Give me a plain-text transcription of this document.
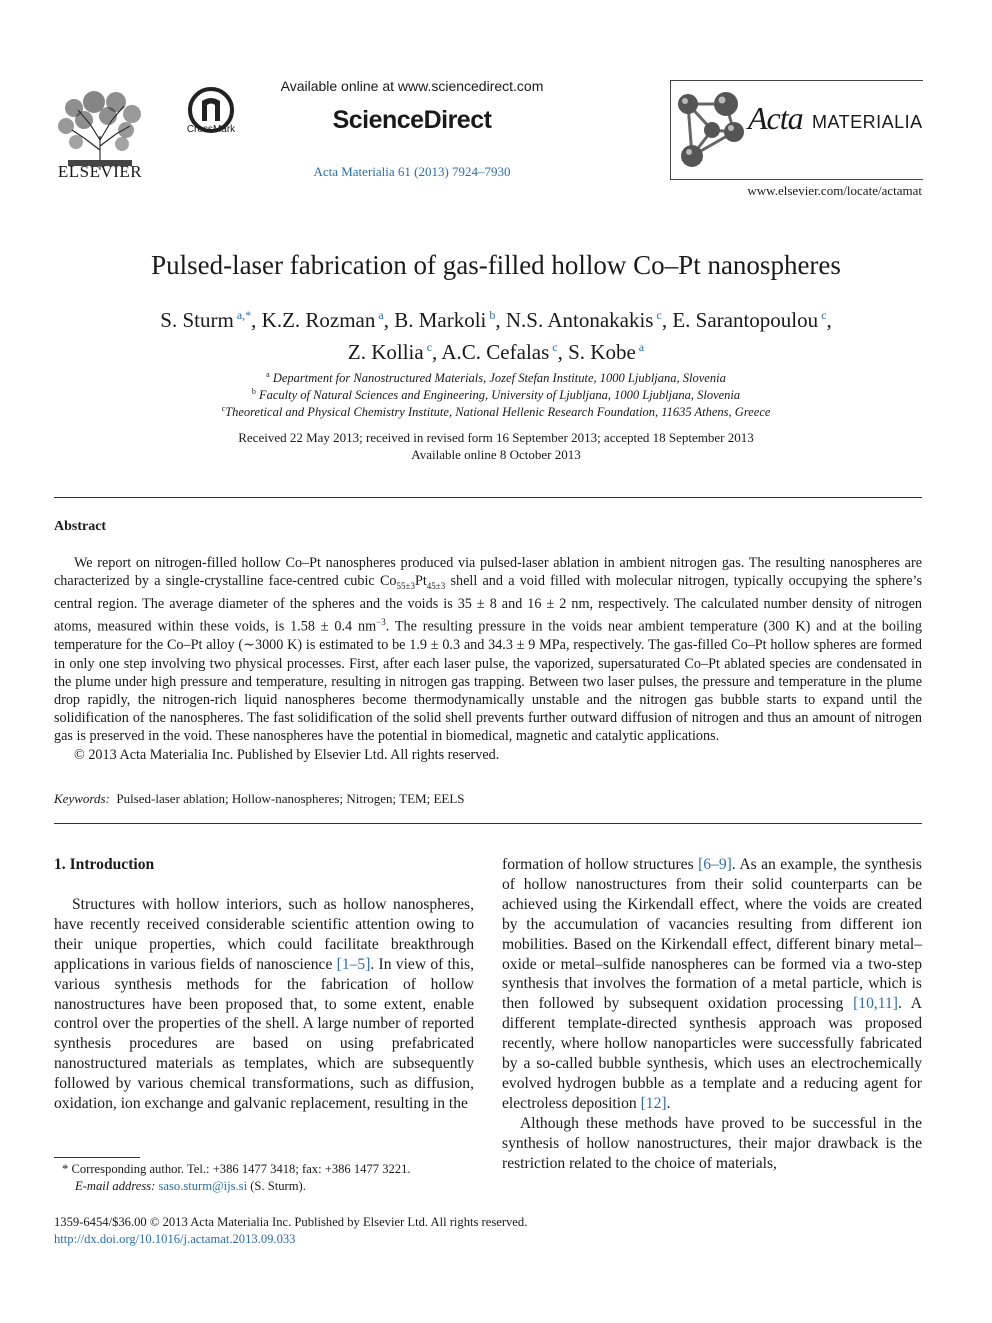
ELSEVIER
CrossMark
Available online at www.sciencedirect.com
ScienceDirect
Acta Materialia 61 (2013) 7924–7930
Acta MATERIALIA
www.elsevier.com/locate/actamat
Pulsed-laser fabrication of gas-filled hollow Co–Pt nanospheres
S. Sturm $^{a,*}$, K.Z. Rozman $^a$, B. Markoli $^b$, N.S. Antonakakis $^c$, E. Sarantopoulou $^c$,
Z. Kollia $^c$, A.C. Cefalas $^c$, S. Kobe $^a$
$^a$ Department for Nanostructured Materials, Jozef Stefan Institute, 1000 Ljubljana, Slovenia
$^b$ Faculty of Natural Sciences and Engineering, University of Ljubljana, 1000 Ljubljana, Slovenia
$^c$Theoretical and Physical Chemistry Institute, National Hellenic Research Foundation, 11635 Athens, Greece
Received 22 May 2013; received in revised form 16 September 2013; accepted 18 September 2013
Available online 8 October 2013
Abstract

We report on nitrogen-filled hollow Co–Pt nanospheres produced via pulsed-laser ablation in ambient nitrogen gas. The resulting nanospheres are characterized by a single-crystalline face-centred cubic $Co_{55\pm 3}Pt_{45\pm 3}$ shell and a void filled with molecular nitrogen, typically occupying the sphere’s central region. The average diameter of the spheres and the voids is 35 ± 8 and 16 ± 2 nm, respectively. The calculated number density of nitrogen atoms, measured within these voids, is 1.58 ± 0.4 $nm^{-3}$. The resulting pressure in the voids near ambient temperature (300 K) and at the boiling temperature for the Co–Pt alloy (∼3000 K) is estimated to be 1.9 ± 0.3 and 34.3 ± 9 MPa, respectively. The gas-filled Co–Pt hollow spheres are formed in only one step involving two physical processes. First, after each laser pulse, the vaporized, supersaturated Co–Pt ablated species are condensated in the plume under high pressure and temperature, resulting in nitrogen gas trapping. Between two laser pulses, the pressure and temperature in the plume drop rapidly, the nitrogen-rich liquid nanospheres become thermodynamically unstable and the nitrogen gas bubble starts to expand until the solidification of the nanospheres. The fast solidification of the solid shell prevents further outward diffusion of nitrogen and thus an amount of nitrogen gas is preserved in the void. These nanospheres have the potential in biomedical, magnetic and catalytic applications.

© 2013 Acta Materialia Inc. Published by Elsevier Ltd. All rights reserved.

Keywords: Pulsed-laser ablation; Hollow-nanospheres; Nitrogen; TEM; EELS
1. Introduction

Structures with hollow interiors, such as hollow nanospheres, have recently received considerable scientific attention owing to their unique properties, which could facilitate breakthrough applications in various fields of nanoscience [1–5]. In view of this, various synthesis methods for the fabrication of hollow nanostructures have been proposed that, to some extent, enable control over the properties of the shell. A large number of reported synthesis procedures are based on using prefabricated nanostructured materials as templates, which are subsequently followed by various chemical transformations, such as diffusion, oxidation, ion exchange and galvanic replacement, resulting in the

formation of hollow structures [6–9]. As an example, the synthesis of hollow nanostructures from their solid counterparts can be achieved using the Kirkendall effect, where the voids are created by the accumulation of vacancies resulting from different ion mobilities. Based on the Kirkendall effect, different binary metal–oxide or metal–sulfide nanospheres can be formed via a two-step synthesis that involves the formation of a metal particle, which is then followed by subsequent oxidation processing [10,11]. A different template-directed synthesis approach was proposed recently, where hollow nanoparticles were successfully fabricated by a so-called bubble synthesis, which uses an electrochemically evolved hydrogen bubble as a template and a reducing agent for electroless deposition [12].

Although these methods have proved to be successful in the synthesis of hollow nanostructures, their major drawback is the restriction related to the choice of materials,

* Corresponding author. Tel.: +386 1477 3418; fax: +386 1477 3221.
E-mail address: saso.sturm@ijs.si (S. Sturm).
1359-6454/$36.00 © 2013 Acta Materialia Inc. Published by Elsevier Ltd. All rights reserved.
http://dx.doi.org/10.1016/j.actamat.2013.09.033
